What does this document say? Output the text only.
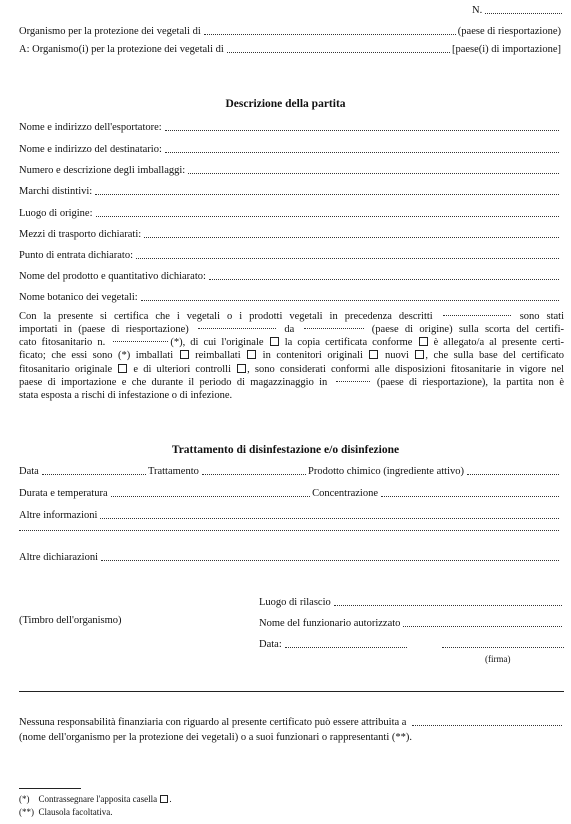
N.
Organismo per la protezione dei vegetali di	(paese di riesportazione)
A: Organismo(i) per la protezione dei vegetali di	[paese(i) di importazione]
Descrizione della partita
Nome e indirizzo dell'esportatore:
Nome e indirizzo del destinatario:
Numero e descrizione degli imballaggi:
Marchi distintivi:
Luogo di origine:
Mezzi di trasporto dichiarati:
Punto di entrata dichiarato:
Nome del prodotto e quantitativo dichiarato:
Nome botanico dei vegetali:
Con la presente si certifica che i vegetali o i prodotti vegetali in precedenza descritti	sono stati
importati in (paese di riesportazione)	da	(paese di origine) sulla scorta del certifi-
cato fitosanitario n.	(*), di cui l'originale la copia certificata conforme è allegato/a al presente certi-
ficato; che essi sono (*) imballati reimballati in contenitori originali nuovi , che sulla base del certificato
fitosanitario originale e di ulteriori controlli , sono considerati conformi alle disposizioni fitosanitarie in vigore nel
paese di importazione e che durante il periodo di magazzinaggio in	(paese di riesportazione), la partita non è
stata esposta a rischi di infestazione o di infezione.
Trattamento di disinfestazione e/o disinfezione
Data	Trattamento	Prodotto chimico (ingrediente attivo)
Durata e temperatura	Concentrazione
Altre informazioni
Altre dichiarazioni
(Timbro dell'organismo)
Luogo di rilascio
Nome del funzionario autorizzato
Data:
(firma)
Nessuna responsabilità finanziaria con riguardo al presente certificato può essere attribuita a
(nome dell'organismo per la protezione dei vegetali) o a suoi funzionari o rappresentanti (**).
(*) Contrassegnare l'apposita casella .
(**) Clausola facoltativa.
